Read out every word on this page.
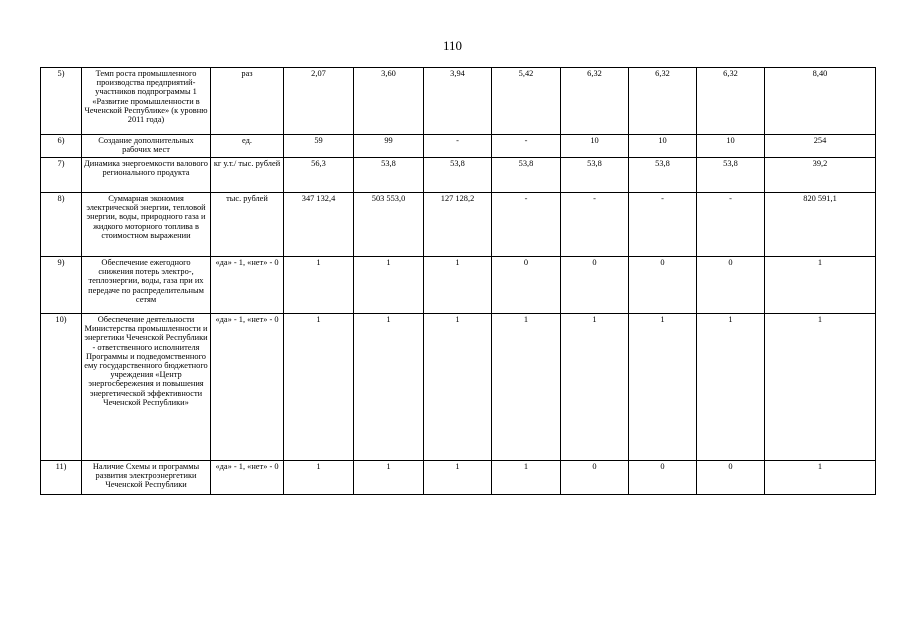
110
5)	Темп роста промышленного производства предприятий-участников подпрограммы 1 «Развитие промышленности в Чеченской Республике» (к уровню 2011 года)	раз	2,07	3,60	3,94	5,42	6,32	6,32	6,32	8,40
6)	Создание дополнительных рабочих мест	ед.	59	99	-	-	10	10	10	254
7)	Динамика энергоемкости валового регионального продукта	кг у.т./ тыс. рублей	56,3	53,8	53,8	53,8	53,8	53,8	53,8	39,2
8)	Суммарная экономия электрической энергии, тепловой энергии, воды, природного газа и жидкого моторного топлива в стоимостном выражении	тыс. рублей	347 132,4	503 553,0	127 128,2	-	-	-	-	820 591,1
9)	Обеспечение ежегодного снижения потерь электро-, теплоэнергии, воды, газа при их передаче по распределительным сетям	«да» - 1, «нет» - 0	1	1	1	0	0	0	0	1
10)	Обеспечение деятельности Министерства промышленности и энергетики Чеченской Республики - ответственного исполнителя Программы и подведомственного ему государственного бюджетного учреждения «Центр энергосбережения и повышения энергетической эффективности Чеченской Республики»	«да» - 1, «нет» - 0	1	1	1	1	1	1	1	1
11)	Наличие Схемы и программы развития электроэнергетики Чеченской Республики	«да» - 1, «нет» - 0	1	1	1	1	0	0	0	1
